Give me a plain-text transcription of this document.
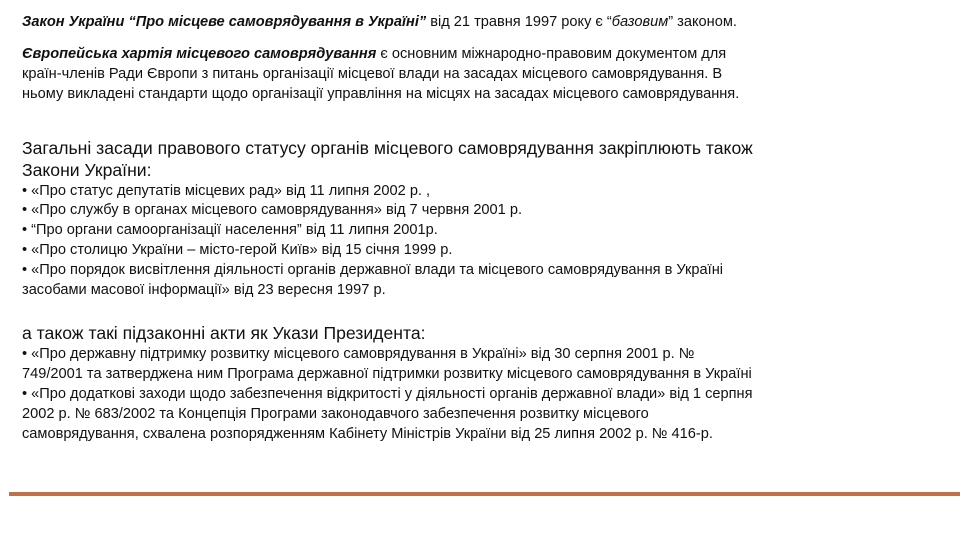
Закон України “Про місцеве самоврядування в Україні” від 21 травня 1997 року є “базовим” законом.
Європейська хартія місцевого самоврядування є основним міжнародно-правовим документом для
країн-членів Ради Європи з питань організації місцевої влади на засадах місцевого самоврядування. В
ньому викладені стандарти щодо організації управління на місцях на засадах місцевого самоврядування.
Загальні засади правового статусу органів місцевого самоврядування закріплюють також
Закони України:
• «Про статус депутатів місцевих рад» від 11 липня 2002 р. ,
• «Про службу в органах місцевого самоврядування» від 7 червня 2001 р.
• “Про органи самоорганізації населення” від 11 липня 2001р.
• «Про столицю України – місто-герой Київ» від 15 січня 1999 р.
• «Про порядок висвітлення діяльності органів державної влади та місцевого самоврядування в Україні
засобами масової інформації» від 23 вересня 1997 р.
а також такі підзаконні акти як Укази Президента:
• «Про державну підтримку розвитку місцевого самоврядування в Україні» від 30 серпня 2001 р. №
749/2001 та затверджена ним Програма державної підтримки розвитку місцевого самоврядування в Україні
• «Про додаткові заходи щодо забезпечення відкритості у діяльності органів державної влади» від 1 серпня
2002 р. № 683/2002 та Концепція Програми законодавчого забезпечення розвитку місцевого
самоврядування, схвалена розпорядженням Кабінету Міністрів України від 25 липня 2002 р. № 416-р.
